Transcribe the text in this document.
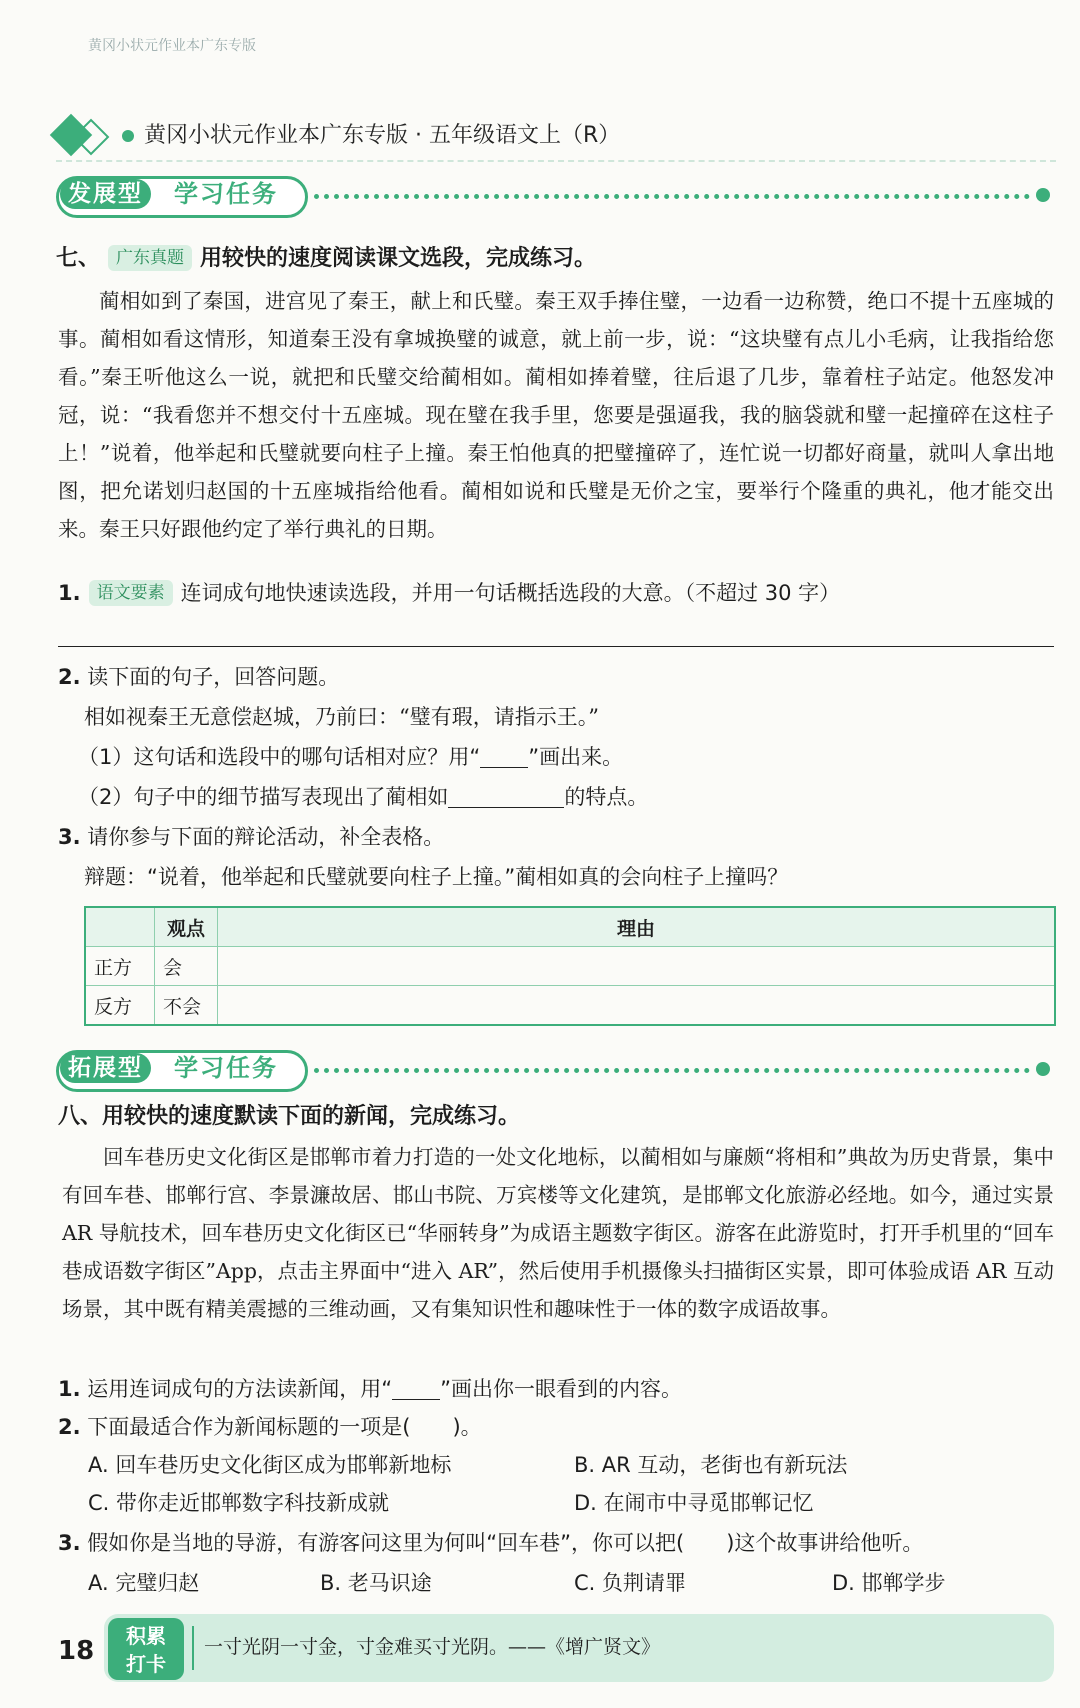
黄冈小状元作业本广东专版
黄冈小状元作业本广东专版 · 五年级语文上（R）
发展型	学习任务
七、 广东真题 用较快的速度阅读课文选段，完成练习。
蔺相如到了秦国，进宫见了秦王，献上和氏璧。秦王双手捧住璧，一边看一边称赞，绝口不提十五座城的事。蔺相如看这情形，知道秦王没有拿城换璧的诚意，就上前一步，说：“这块璧有点儿小毛病，让我指给您看。”秦王听他这么一说，就把和氏璧交给蔺相如。蔺相如捧着璧，往后退了几步，靠着柱子站定。他怒发冲冠，说：“我看您并不想交付十五座城。现在璧在我手里，您要是强逼我，我的脑袋就和璧一起撞碎在这柱子上！”说着，他举起和氏璧就要向柱子上撞。秦王怕他真的把璧撞碎了，连忙说一切都好商量，就叫人拿出地图，把允诺划归赵国的十五座城指给他看。蔺相如说和氏璧是无价之宝，要举行个隆重的典礼，他才能交出来。秦王只好跟他约定了举行典礼的日期。
1. 语文要素 连词成句地快速读选段，并用一句话概括选段的大意。（不超过 30 字）
2. 读下面的句子，回答问题。
相如视秦王无意偿赵城，乃前曰：“璧有瑕，请指示王。”
（1）这句话和选段中的哪句话相对应？用“ ”画出来。
（2）句子中的细节描写表现出了蔺相如	的特点。
3. 请你参与下面的辩论活动，补全表格。
辩题：“说着，他举起和氏璧就要向柱子上撞。”蔺相如真的会向柱子上撞吗？
	观点	理由
正方	会	
反方	不会	
拓展型	学习任务
八、用较快的速度默读下面的新闻，完成练习。
回车巷历史文化街区是邯郸市着力打造的一处文化地标，以蔺相如与廉颇“将相和”典故为历史背景，集中有回车巷、邯郸行宫、李景濂故居、邯山书院、万宾楼等文化建筑，是邯郸文化旅游必经地。如今，通过实景 AR 导航技术，回车巷历史文化街区已“华丽转身”为成语主题数字街区。游客在此游览时，打开手机里的“回车巷成语数字街区”App，点击主界面中“进入 AR”，然后使用手机摄像头扫描街区实景，即可体验成语 AR 互动场景，其中既有精美震撼的三维动画，又有集知识性和趣味性于一体的数字成语故事。
1. 运用连词成句的方法读新闻，用“ ”画出你一眼看到的内容。
2. 下面最适合作为新闻标题的一项是(　　)。
A. 回车巷历史文化街区成为邯郸新地标	B. AR 互动，老街也有新玩法
C. 带你走近邯郸数字科技新成就	D. 在闹市中寻觅邯郸记忆
3. 假如你是当地的导游，有游客问这里为何叫“回车巷”，你可以把(　　)这个故事讲给他听。
A. 完璧归赵	B. 老马识途	C. 负荆请罪	D. 邯郸学步
18	积累
打卡
一寸光阴一寸金，寸金难买寸光阴。——《增广贤文》
